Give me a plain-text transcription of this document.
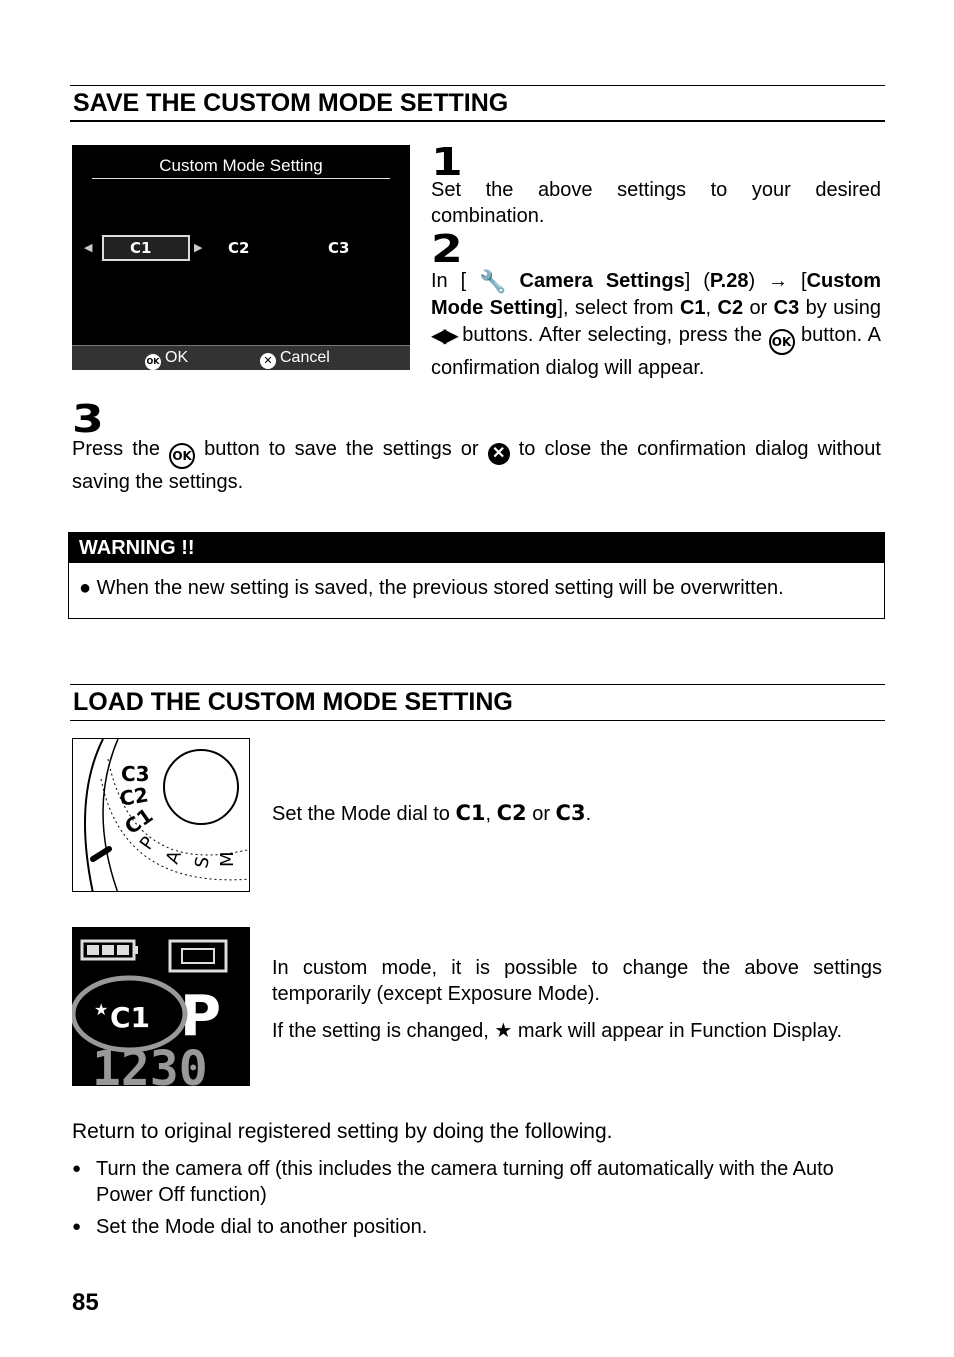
SAVE THE CUSTOM MODE SETTING
Custom Mode Setting
◀	▶
C1	C2	C3
OK OK	✕ Cancel
1
Set the above settings to your desired combination.
2
In [ 🔧 Camera Settings] (P.28) → [Custom Mode Setting], select from C1, C2 or C3 by using ◀▶ buttons. After selecting, press the OK button. A confirmation dialog will appear.
3
Press the OK button to save the settings or ✕ to close the confirmation dialog without saving the settings.
WARNING !!
● When the new setting is saved, the previous stored setting will be overwritten.
LOAD THE CUSTOM MODE SETTING
C3
C2
C1
P
A S M
Set the Mode dial to C1, C2 or C3.
★ C1 P
1230
In custom mode, it is possible to change the above settings temporarily (except Exposure Mode).
If the setting is changed, ★ mark will appear in Function Display.
Return to original registered setting by doing the following.
● Turn the camera off (this includes the camera turning off automatically with the Auto Power Off function)
● Set the Mode dial to another position.
85
